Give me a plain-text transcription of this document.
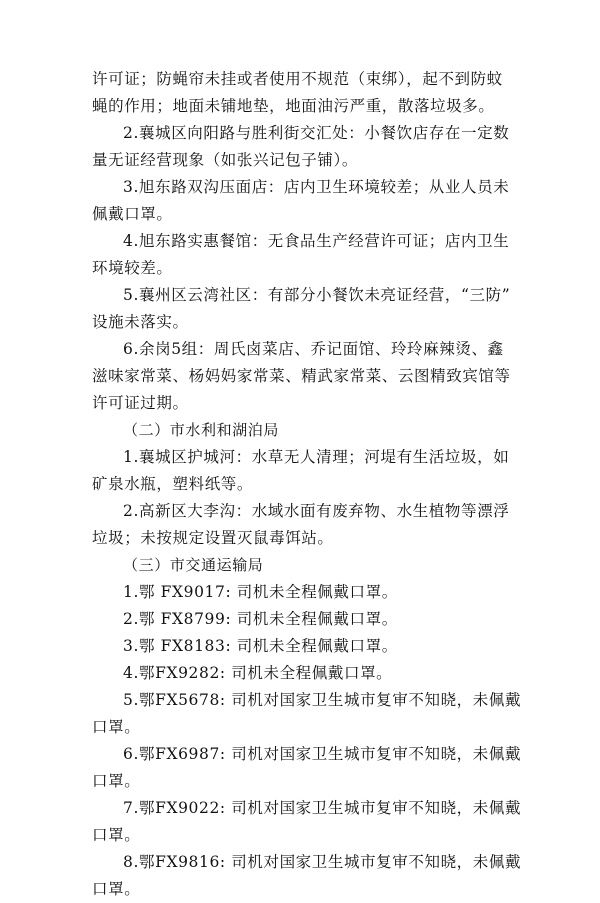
许可证；防蝇帘未挂或者使用不规范（束绑），起不到防蚊
蝇的作用；地面未铺地垫，地面油污严重，散落垃圾多。
2.襄城区向阳路与胜利街交汇处：小餐饮店存在一定数
量无证经营现象（如张兴记包子铺）。
3.旭东路双沟压面店：店内卫生环境较差；从业人员未
佩戴口罩。
4.旭东路实惠餐馆：无食品生产经营许可证；店内卫生
环境较差。
5.襄州区云湾社区：有部分小餐饮未亮证经营，“三防”
设施未落实。
6.余岗5组：周氏卤菜店、乔记面馆、玲玲麻辣烫、鑫
滋味家常菜、杨妈妈家常菜、精武家常菜、云图精致宾馆等
许可证过期。
（二）市水利和湖泊局
1.襄城区护城河：水草无人清理；河堤有生活垃圾，如
矿泉水瓶，塑料纸等。
2.高新区大李沟：水域水面有废弃物、水生植物等漂浮
垃圾；未按规定设置灭鼠毒饵站。
（三）市交通运输局
1.鄂 FX9017: 司机未全程佩戴口罩。
2.鄂 FX8799: 司机未全程佩戴口罩。
3.鄂 FX8183: 司机未全程佩戴口罩。
4.鄂FX9282: 司机未全程佩戴口罩。
5.鄂FX5678: 司机对国家卫生城市复审不知晓，未佩戴
口罩。
6.鄂FX6987: 司机对国家卫生城市复审不知晓，未佩戴
口罩。
7.鄂FX9022: 司机对国家卫生城市复审不知晓，未佩戴
口罩。
8.鄂FX9816: 司机对国家卫生城市复审不知晓，未佩戴
口罩。
